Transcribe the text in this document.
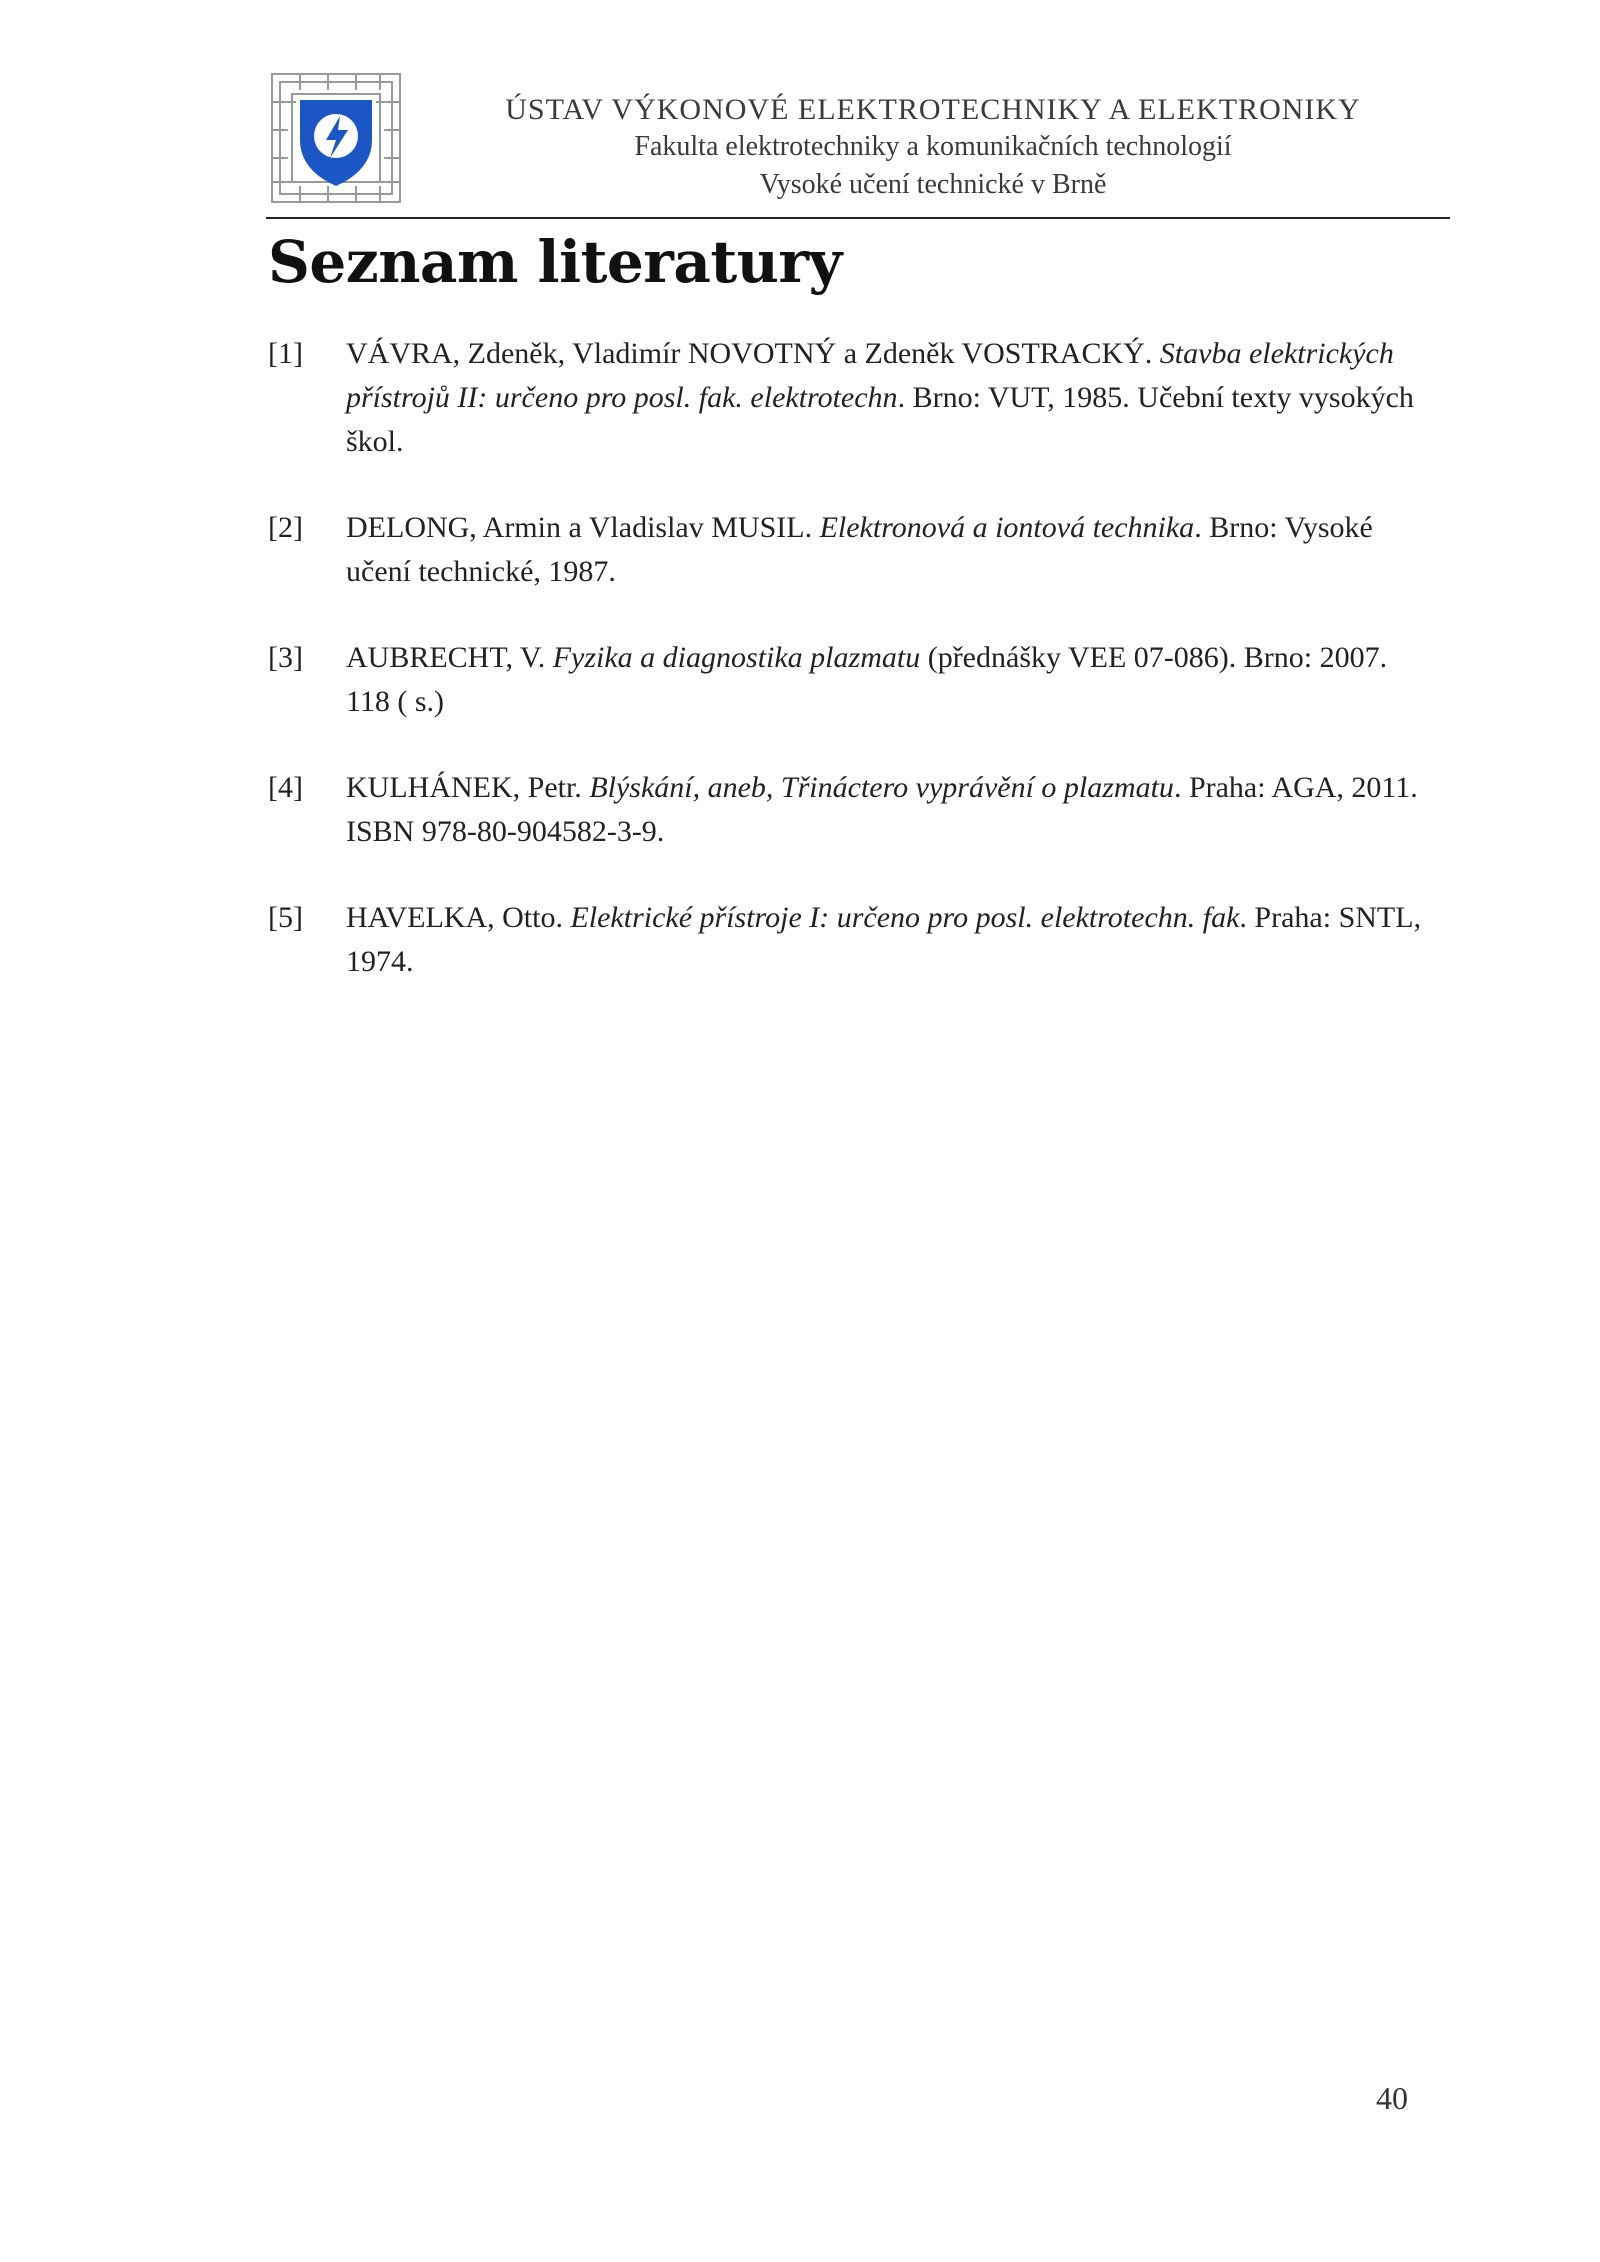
ÚSTAV VÝKONOVÉ ELEKTROTECHNIKY A ELEKTRONIKY
Fakulta elektrotechniky a komunikačních technologií
Vysoké učení technické v Brně
Seznam literatury
[1]	VÁVRA, Zdeněk, Vladimír NOVOTNÝ a Zdeněk VOSTRACKÝ. Stavba elektrických přístrojů II: určeno pro posl. fak. elektrotechn. Brno: VUT, 1985. Učební texty vysokých škol.
[2]	DELONG, Armin a Vladislav MUSIL. Elektronová a iontová technika. Brno: Vysoké učení technické, 1987.
[3]	AUBRECHT, V. Fyzika a diagnostika plazmatu (přednášky VEE 07-086). Brno: 2007.
118 ( s.)
[4]	KULHÁNEK, Petr. Blýskání, aneb, Třináctero vyprávění o plazmatu. Praha: AGA, 2011. ISBN 978-80-904582-3-9.
[5]	HAVELKA, Otto. Elektrické přístroje I: určeno pro posl. elektrotechn. fak. Praha: SNTL, 1974.
40
